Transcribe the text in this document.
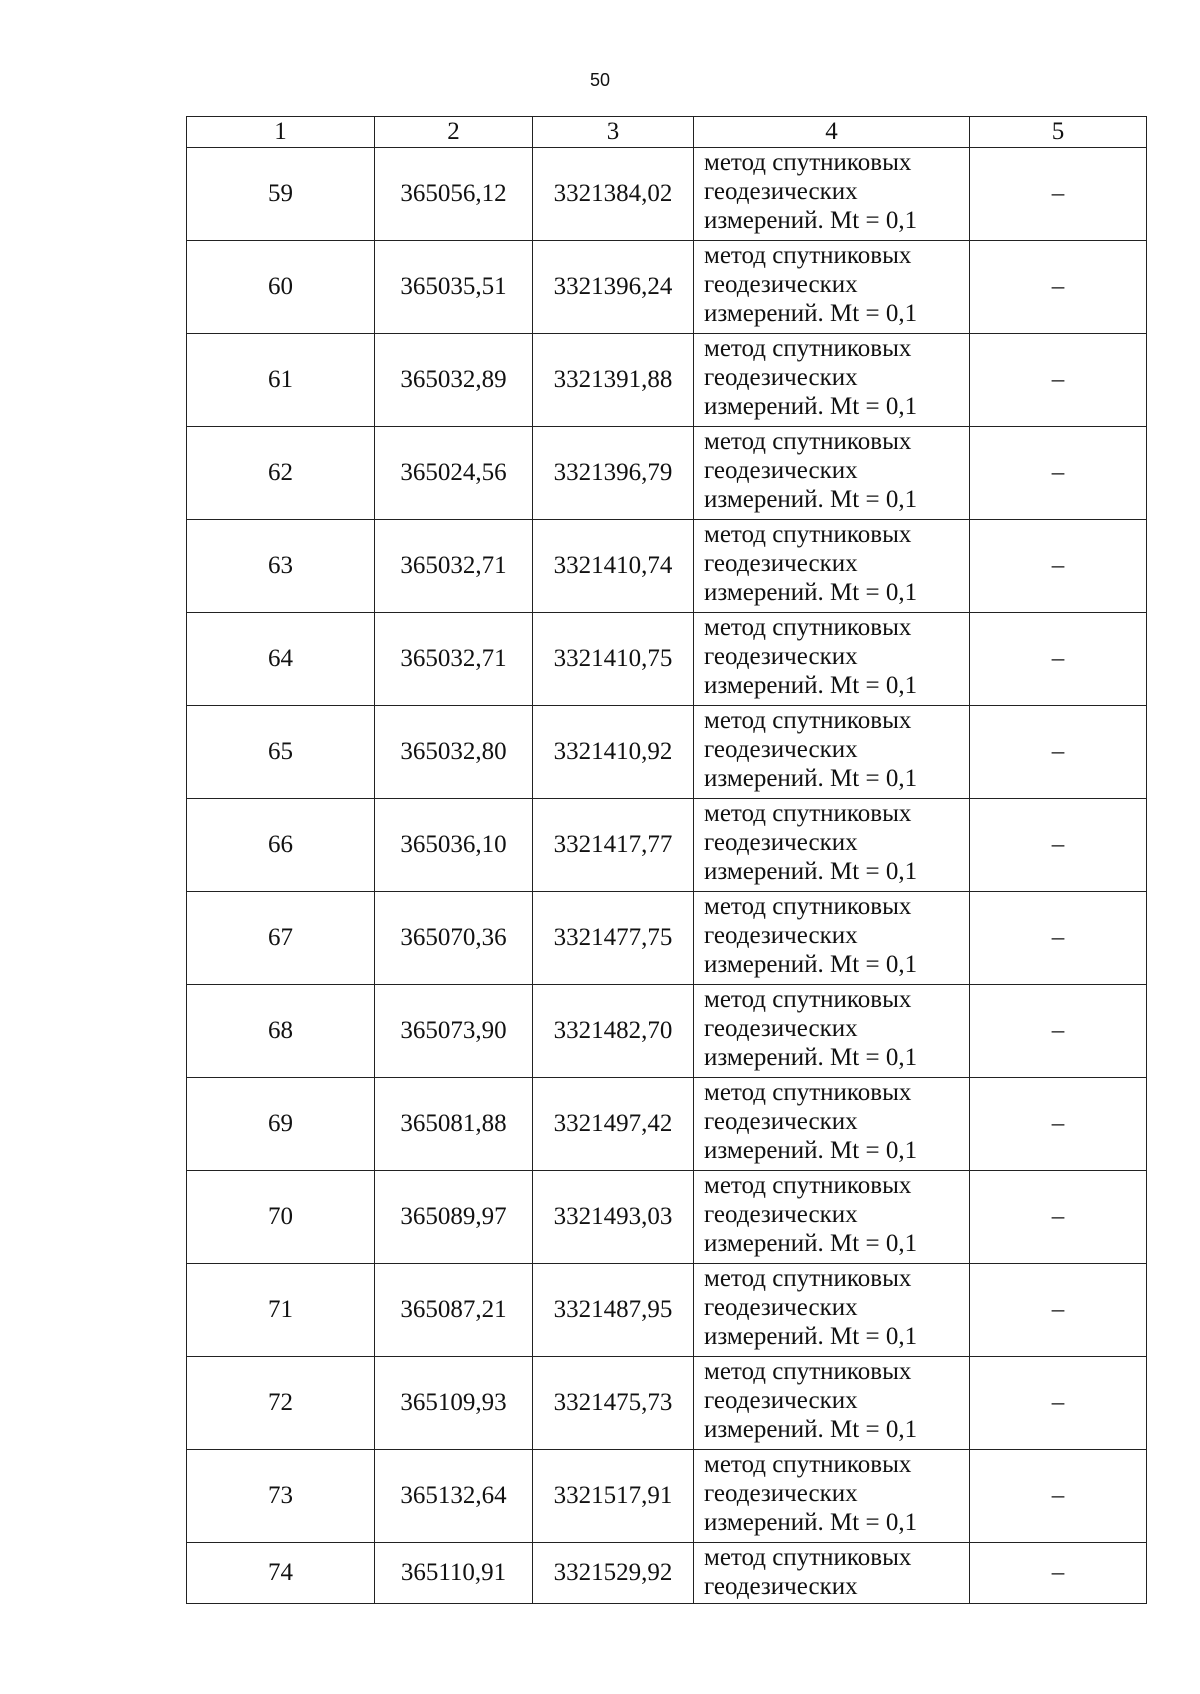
50
1	2	3	4	5
59	365056,12	3321384,02	метод спутниковых
геодезических
измерений. Mt = 0,1	–
60	365035,51	3321396,24	метод спутниковых
геодезических
измерений. Mt = 0,1	–
61	365032,89	3321391,88	метод спутниковых
геодезических
измерений. Mt = 0,1	–
62	365024,56	3321396,79	метод спутниковых
геодезических
измерений. Mt = 0,1	–
63	365032,71	3321410,74	метод спутниковых
геодезических
измерений. Mt = 0,1	–
64	365032,71	3321410,75	метод спутниковых
геодезических
измерений. Mt = 0,1	–
65	365032,80	3321410,92	метод спутниковых
геодезических
измерений. Mt = 0,1	–
66	365036,10	3321417,77	метод спутниковых
геодезических
измерений. Mt = 0,1	–
67	365070,36	3321477,75	метод спутниковых
геодезических
измерений. Mt = 0,1	–
68	365073,90	3321482,70	метод спутниковых
геодезических
измерений. Mt = 0,1	–
69	365081,88	3321497,42	метод спутниковых
геодезических
измерений. Mt = 0,1	–
70	365089,97	3321493,03	метод спутниковых
геодезических
измерений. Mt = 0,1	–
71	365087,21	3321487,95	метод спутниковых
геодезических
измерений. Mt = 0,1	–
72	365109,93	3321475,73	метод спутниковых
геодезических
измерений. Mt = 0,1	–
73	365132,64	3321517,91	метод спутниковых
геодезических
измерений. Mt = 0,1	–
74	365110,91	3321529,92	метод спутниковых
геодезических	–
